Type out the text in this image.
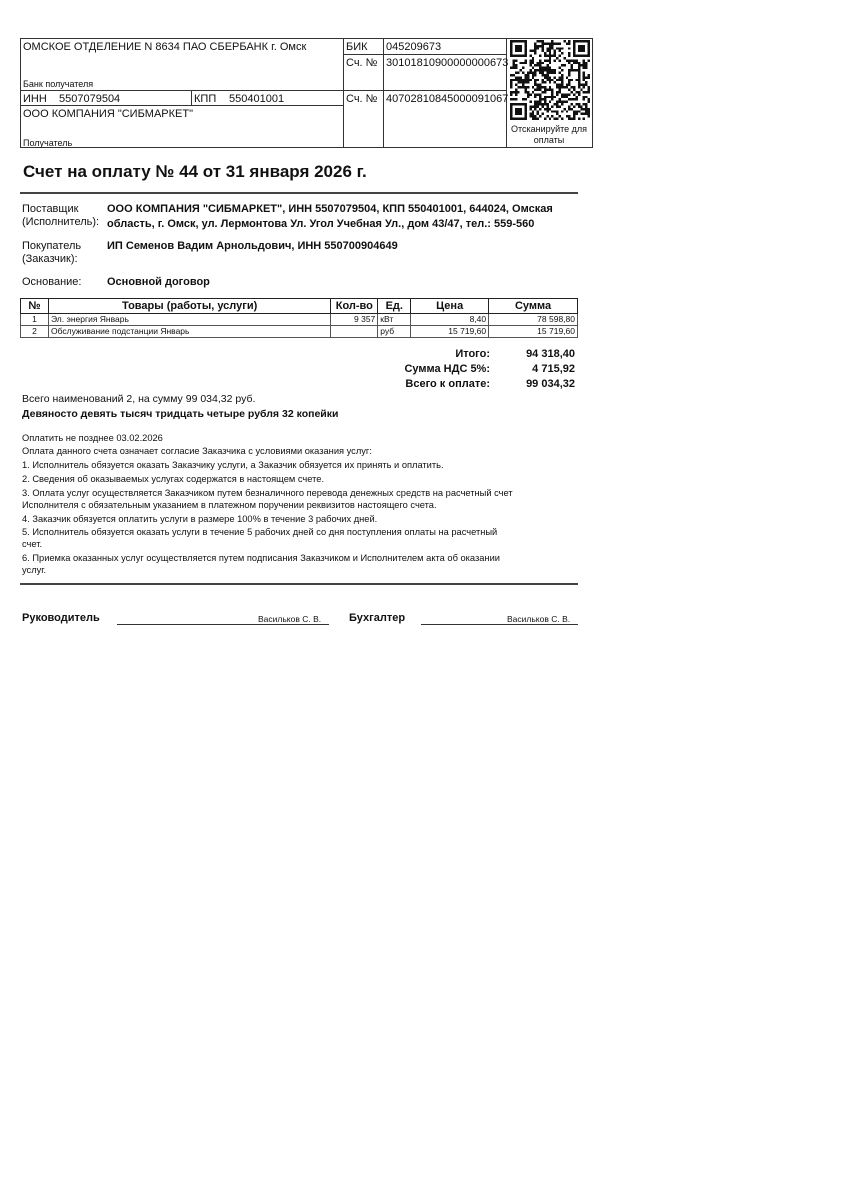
ОМСКОЕ ОТДЕЛЕНИЕ N 8634 ПАО СБЕРБАНК г. Омск
Банк получателя
ИНН 5507079504	КПП 550401001
ООО КОМПАНИЯ "СИБМАРКЕТ"
Получатель
БИК 045209673
Сч. № 30101810900000000673
Сч. № 40702810845000091067
Отсканируйте для оплаты
Счет на оплату № 44 от 31 января 2026 г.
Поставщик
(Исполнитель):
ООО КОМПАНИЯ "СИБМАРКЕТ", ИНН 5507079504, КПП 550401001, 644024, Омская
область, г. Омск, ул. Лермонтова Ул. Угол Учебная Ул., дом 43/47, тел.: 559-560
Покупатель
(Заказчик):
ИП Семенов Вадим Арнольдович, ИНН 550700904649
Основание: Основной договор
№	Товары (работы, услуги)	Кол-во	Ед.	Цена	Сумма
1	Эл. энергия Январь	9 357	кВт	8,40	78 598,80
2	Обслуживание подстанции Январь		руб	15 719,60	15 719,60
Итого:	94 318,40
Сумма НДС 5%:	4 715,92
Всего к оплате:	99 034,32
Всего наименований 2, на сумму 99 034,32 руб.
Девяносто девять тысяч тридцать четыре рубля 32 копейки
Оплатить не позднее 03.02.2026
Оплата данного счета означает согласие Заказчика с условиями оказания услуг:
1. Исполнитель обязуется оказать Заказчику услуги, а Заказчик обязуется их принять и оплатить.
2. Сведения об оказываемых услугах содержатся в настоящем счете.
3. Оплата услуг осуществляется Заказчиком путем безналичного перевода денежных средств на расчетный счет
Исполнителя с обязательным указанием в платежном поручении реквизитов настоящего счета.
4. Заказчик обязуется оплатить услуги в размере 100% в течение 3 рабочих дней.
5. Исполнитель обязуется оказать услуги в течение 5 рабочих дней со дня поступления оплаты на расчетный
счет.
6. Приемка оказанных услуг осуществляется путем подписания Заказчиком и Исполнителем акта об оказании
услуг.
Руководитель	Васильков С. В.	Бухгалтер	Васильков С. В.
